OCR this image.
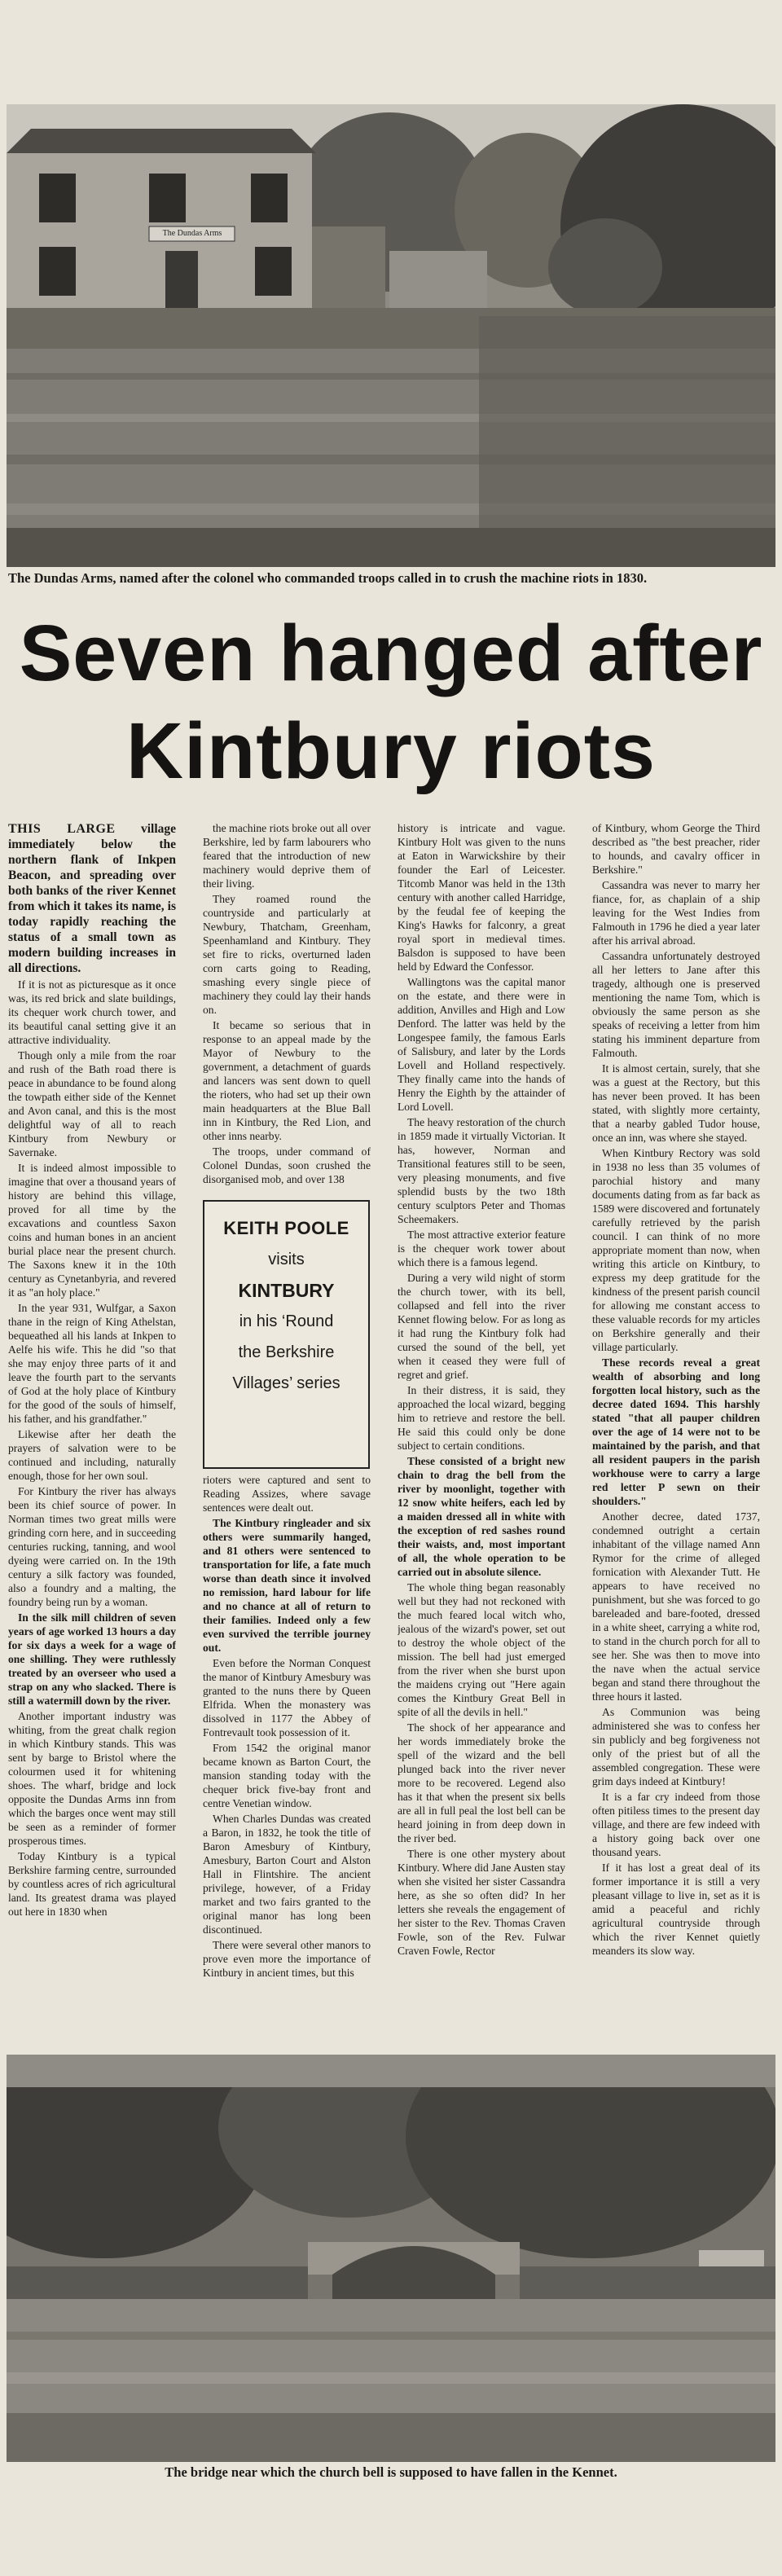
The Dundas Arms
The Dundas Arms, named after the colonel who commanded troops called in to crush the machine riots in 1830.
Seven hanged after
Kintbury riots

THIS LARGE village immediately below the northern flank of Inkpen Beacon, and spreading over both banks of the river Kennet from which it takes its name, is today rapidly reaching the status of a small town as modern building increases in all directions.

If it is not as picturesque as it once was, its red brick and slate buildings, its chequer work church tower, and its beautiful canal setting give it an attractive individuality.

Though only a mile from the roar and rush of the Bath road there is peace in abundance to be found along the towpath either side of the Kennet and Avon canal, and this is the most delightful way of all to reach Kintbury from Newbury or Savernake.

It is indeed almost impossible to imagine that over a thousand years of history are behind this village, proved for all time by the excavations and countless Saxon coins and human bones in an ancient burial place near the present church. The Saxons knew it in the 10th century as Cynetanbyria, and revered it as "an holy place."

In the year 931, Wulfgar, a Saxon thane in the reign of King Athelstan, bequeathed all his lands at Inkpen to Aelfe his wife. This he did "so that she may enjoy three parts of it and leave the fourth part to the servants of God at the holy place of Kintbury for the good of the souls of himself, his father, and his grandfather."

Likewise after her death the prayers of salvation were to be continued and including, naturally enough, those for her own soul.

For Kintbury the river has always been its chief source of power. In Norman times two great mills were grinding corn here, and in succeeding centuries rucking, tanning, and wool dyeing were carried on. In the 19th century a silk factory was founded, also a foundry and a malting, the foundry being run by a woman.

In the silk mill children of seven years of age worked 13 hours a day for six days a week for a wage of one shilling. They were ruthlessly treated by an overseer who used a strap on any who slacked. There is still a watermill down by the river.

Another important industry was whiting, from the great chalk region in which Kintbury stands. This was sent by barge to Bristol where the colourmen used it for whitening shoes. The wharf, bridge and lock opposite the Dundas Arms inn from which the barges once went may still be seen as a reminder of former prosperous times.

Today Kintbury is a typical Berkshire farming centre, surrounded by countless acres of rich agricultural land. Its greatest drama was played out here in 1830 when

the machine riots broke out all over Berkshire, led by farm labourers who feared that the introduction of new machinery would deprive them of their living.

They roamed round the countryside and particularly at Newbury, Thatcham, Greenham, Speenhamland and Kintbury. They set fire to ricks, overturned laden corn carts going to Reading, smashing every single piece of machinery they could lay their hands on.

It became so serious that in response to an appeal made by the Mayor of Newbury to the government, a detachment of guards and lancers was sent down to quell the rioters, who had set up their own main headquarters at the Blue Ball inn in Kintbury, the Red Lion, and other inns nearby.

The troops, under command of Colonel Dundas, soon crushed the disorganised mob, and over 138

rioters were captured and sent to Reading Assizes, where savage sentences were dealt out.

The Kintbury ringleader and six others were summarily hanged, and 81 others were sentenced to transportation for life, a fate much worse than death since it involved no remission, hard labour for life and no chance at all of return to their families. Indeed only a few even survived the terrible journey out.

Even before the Norman Conquest the manor of Kintbury Amesbury was granted to the nuns there by Queen Elfrida. When the monastery was dissolved in 1177 the Abbey of Fontrevault took possession of it.

From 1542 the original manor became known as Barton Court, the mansion standing today with the chequer brick five-bay front and centre Venetian window.

When Charles Dundas was created a Baron, in 1832, he took the title of Baron Amesbury of Kintbury, Amesbury, Barton Court and Alston Hall in Flintshire. The ancient privilege, however, of a Friday market and two fairs granted to the original manor has long been discontinued.

There were several other manors to prove even more the importance of Kintbury in ancient times, but this

KEITH POOLE
visits
KINTBURY
in his ‘Round
the Berkshire
Villages’ series

history is intricate and vague. Kintbury Holt was given to the nuns at Eaton in Warwickshire by their founder the Earl of Leicester. Titcomb Manor was held in the 13th century with another called Harridge, by the feudal fee of keeping the King's Hawks for falconry, a great royal sport in medieval times. Balsdon is supposed to have been held by Edward the Confessor.

Wallingtons was the capital manor on the estate, and there were in addition, Anvilles and High and Low Denford. The latter was held by the Longespee family, the famous Earls of Salisbury, and later by the Lords Lovell and Holland respectively. They finally came into the hands of Henry the Eighth by the attainder of Lord Lovell.

The heavy restoration of the church in 1859 made it virtually Victorian. It has, however, Norman and Transitional features still to be seen, very pleasing monuments, and five splendid busts by the two 18th century sculptors Peter and Thomas Scheemakers.

The most attractive exterior feature is the chequer work tower about which there is a famous legend.

During a very wild night of storm the church tower, with its bell, collapsed and fell into the river Kennet flowing below. For as long as it had rung the Kintbury folk had cursed the sound of the bell, yet when it ceased they were full of regret and grief.

In their distress, it is said, they approached the local wizard, begging him to retrieve and restore the bell. He said this could only be done subject to certain conditions.

These consisted of a bright new chain to drag the bell from the river by moonlight, together with 12 snow white heifers, each led by a maiden dressed all in white with the exception of red sashes round their waists, and, most important of all, the whole operation to be carried out in absolute silence.

The whole thing began reasonably well but they had not reckoned with the much feared local witch who, jealous of the wizard's power, set out to destroy the whole object of the mission. The bell had just emerged from the river when she burst upon the maidens crying out "Here again comes the Kintbury Great Bell in spite of all the devils in hell."

The shock of her appearance and her words immediately broke the spell of the wizard and the bell plunged back into the river never more to be recovered. Legend also has it that when the present six bells are all in full peal the lost bell can be heard joining in from deep down in the river bed.

There is one other mystery about Kintbury. Where did Jane Austen stay when she visited her sister Cassandra here, as she so often did? In her letters she reveals the engagement of her sister to the Rev. Thomas Craven Fowle, son of the Rev. Fulwar Craven Fowle, Rector

of Kintbury, whom George the Third described as "the best preacher, rider to hounds, and cavalry officer in Berkshire."

Cassandra was never to marry her fiance, for, as chaplain of a ship leaving for the West Indies from Falmouth in 1796 he died a year later after his arrival abroad.

Cassandra unfortunately destroyed all her letters to Jane after this tragedy, although one is preserved mentioning the name Tom, which is obviously the same person as she speaks of receiving a letter from him stating his imminent departure from Falmouth.

It is almost certain, surely, that she was a guest at the Rectory, but this has never been proved. It has been stated, with slightly more certainty, that a nearby gabled Tudor house, once an inn, was where she stayed.

When Kintbury Rectory was sold in 1938 no less than 35 volumes of parochial history and many documents dating from as far back as 1589 were discovered and fortunately carefully retrieved by the parish council. I can think of no more appropriate moment than now, when writing this article on Kintbury, to express my deep gratitude for the kindness of the present parish council for allowing me constant access to these valuable records for my articles on Berkshire generally and their village particularly.

These records reveal a great wealth of absorbing and long forgotten local history, such as the decree dated 1694. This harshly stated "that all pauper children over the age of 14 were not to be maintained by the parish, and that all resident paupers in the parish workhouse were to carry a large red letter P sewn on their shoulders."

Another decree, dated 1737, condemned outright a certain inhabitant of the village named Ann Rymor for the crime of alleged fornication with Alexander Tutt. He appears to have received no punishment, but she was forced to go bareleaded and bare-footed, dressed in a white sheet, carrying a white rod, to stand in the church porch for all to see her. She was then to move into the nave when the actual service began and stand there throughout the three hours it lasted.

As Communion was being administered she was to confess her sin publicly and beg forgiveness not only of the priest but of all the assembled congregation. These were grim days indeed at Kintbury!

It is a far cry indeed from those often pitiless times to the present day village, and there are few indeed with a history going back over one thousand years.

If it has lost a great deal of its former importance it is still a very pleasant village to live in, set as it is amid a peaceful and richly agricultural countryside through which the river Kennet quietly meanders its slow way.

The bridge near which the church bell is supposed to have fallen in the Kennet.
